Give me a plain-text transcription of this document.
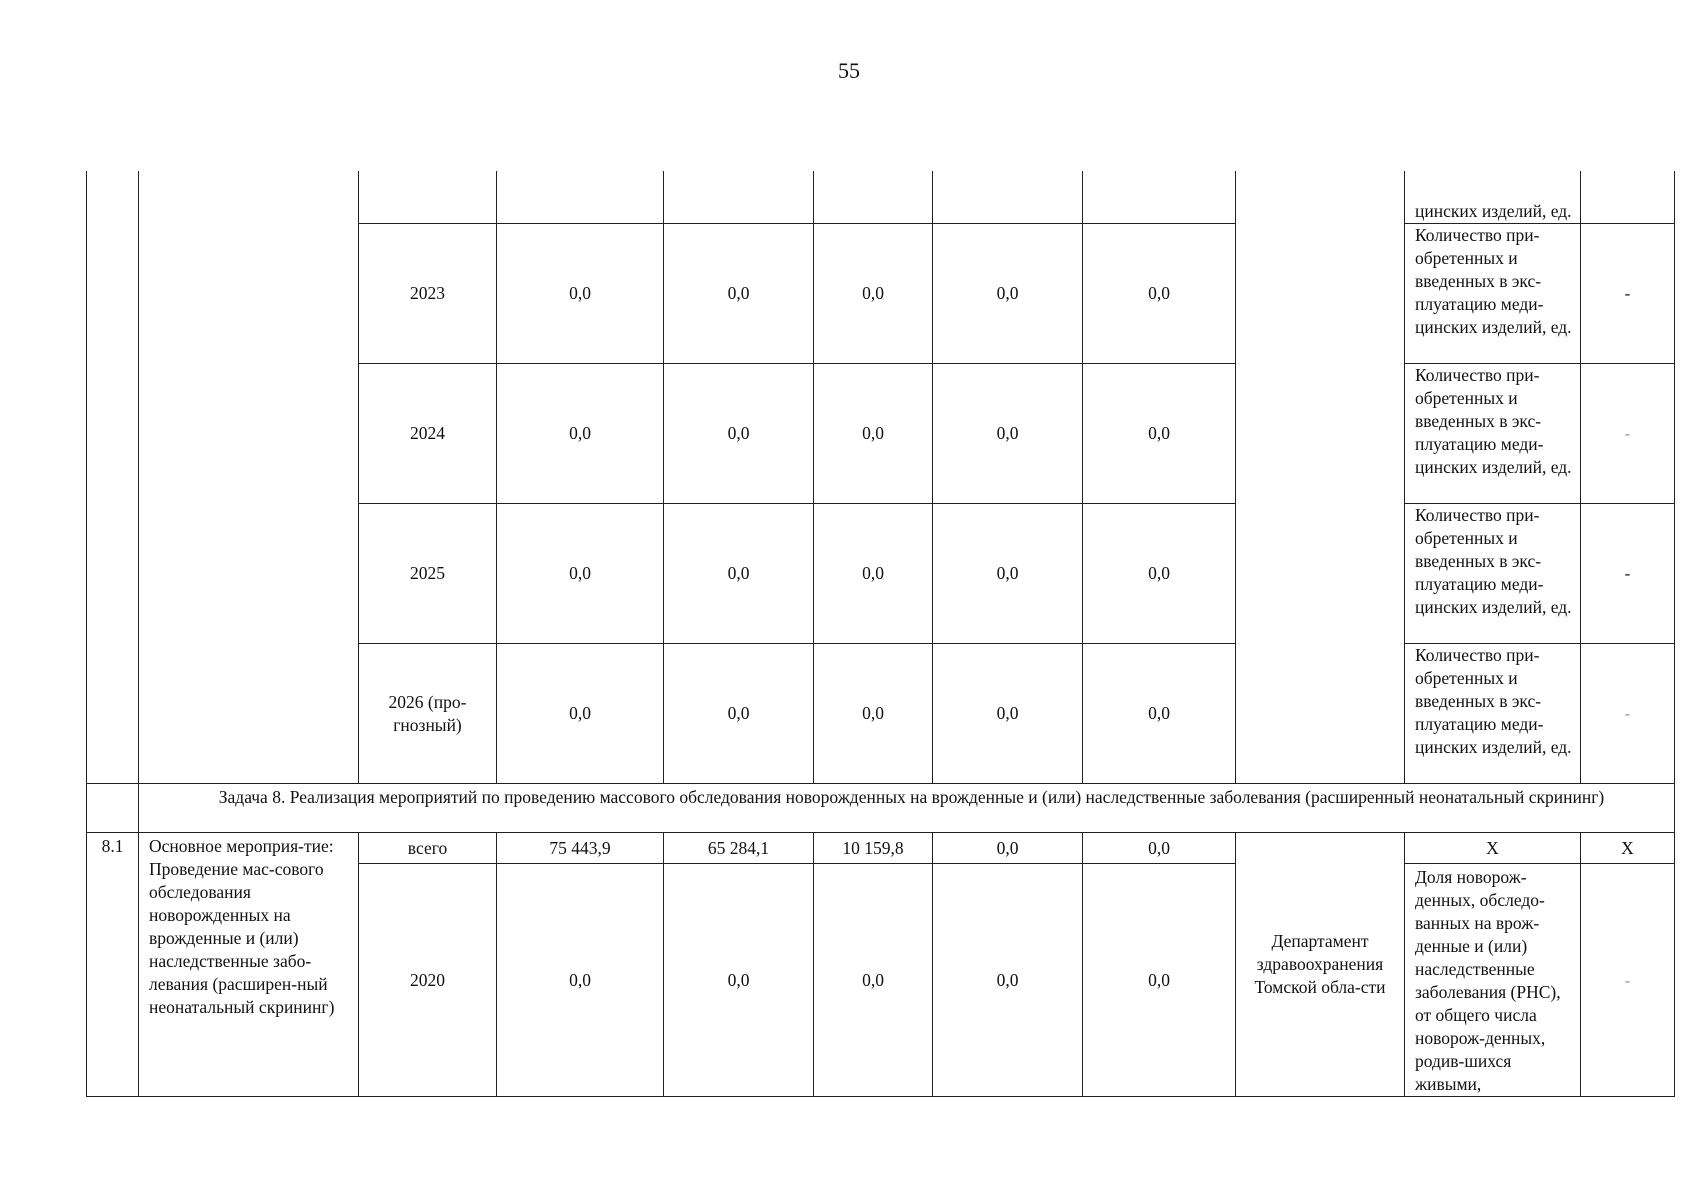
55
									цинских изделий, ед.	
		2023	0,0	0,0	0,0	0,0	0,0		Количество при-обретенных и введенных в экс-плуатацию меди-цинских изделий, ед.	-
		2024	0,0	0,0	0,0	0,0	0,0		Количество при-обретенных и введенных в экс-плуатацию меди-цинских изделий, ед.	-
		2025	0,0	0,0	0,0	0,0	0,0		Количество при-обретенных и введенных в экс-плуатацию меди-цинских изделий, ед.	-
		2026 (про-гнозный)	0,0	0,0	0,0	0,0	0,0		Количество при-обретенных и введенных в экс-плуатацию меди-цинских изделий, ед.	-
	Задача 8. Реализация мероприятий по проведению массового обследования новорожденных на врожденные и (или) наследственные заболевания (расширенный неонатальный скрининг)									
8.1	Основное мероприя-тие: Проведение мас-сового обследования новорожденных на врожденные и (или) наследственные забо-левания (расширен-ный неонатальный скрининг)	всего	75 443,9	65 284,1	10 159,8	0,0	0,0	Департамент здравоохранения Томской обла-сти	Х	Х
		2020	0,0	0,0	0,0	0,0	0,0		Доля новорож-денных, обследо-ванных на врож-денные и (или) наследственные заболевания (РНС), от общего числа новорож-денных, родив-шихся живыми,	-
